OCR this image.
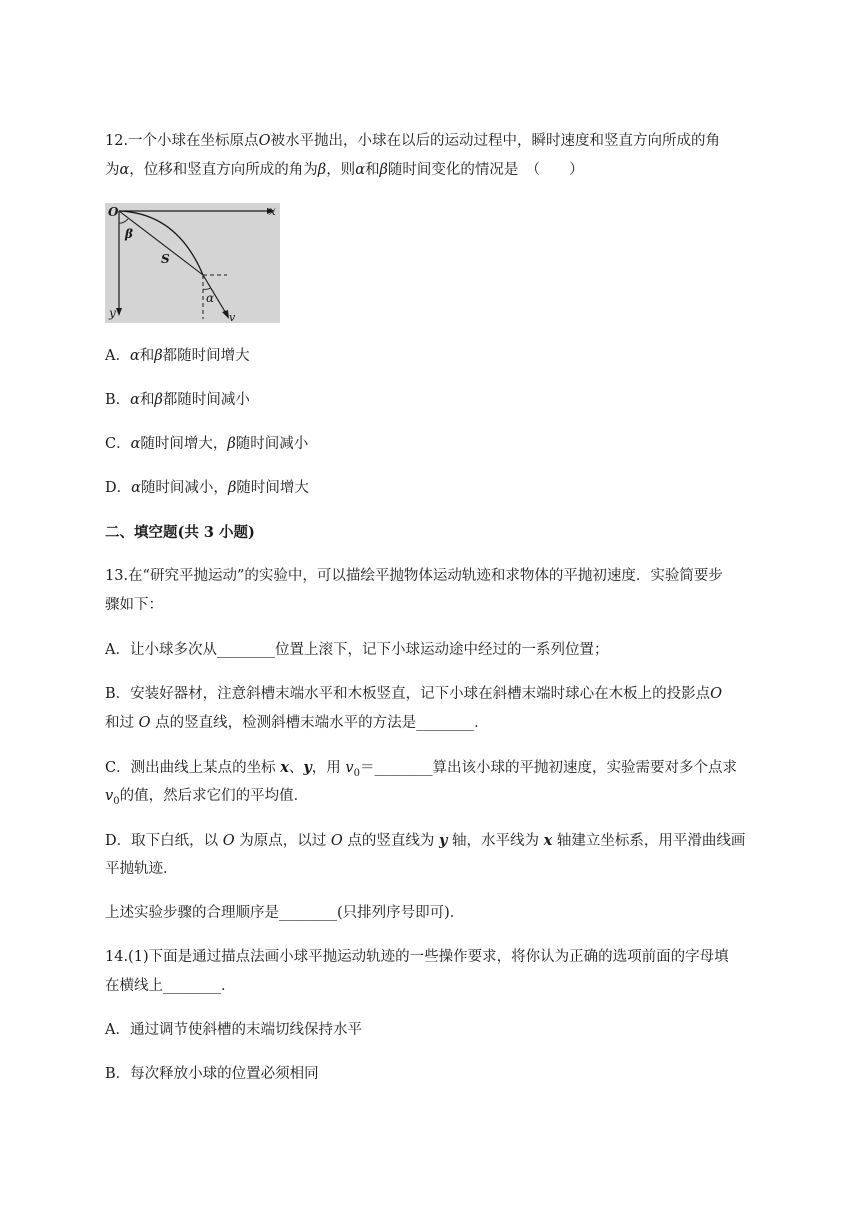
12.一个小球在坐标原点O被水平抛出，小球在以后的运动过程中，瞬时速度和竖直方向所成的角

为α，位移和竖直方向所成的角为β，则α和β随时间变化的情况是　（　　）

O	x
y
β
S
α
v

A．α和β都随时间增大

B．α和β都随时间减小

C．α随时间增大，β随时间减小

D．α随时间减小，β随时间增大

二、填空题(共 3 小题)

13.在“研究平抛运动”的实验中，可以描绘平抛物体运动轨迹和求物体的平抛初速度．实验简要步

骤如下：

A．让小球多次从________位置上滚下，记下小球运动途中经过的一系列位置；

B．安装好器材，注意斜槽末端水平和木板竖直，记下小球在斜槽末端时球心在木板上的投影点O

和过 O 点的竖直线，检测斜槽末端水平的方法是________．

C．测出曲线上某点的坐标 x、y，用 $v_0=\_\_\_\_\_\_\_\_$算出该小球的平抛初速度，实验需要对多个点求

$v_0$的值，然后求它们的平均值．

D．取下白纸，以 O 为原点，以过 O 点的竖直线为 y 轴，水平线为 x 轴建立坐标系，用平滑曲线画

平抛轨迹．

上述实验步骤的合理顺序是________(只排列序号即可)．

14.(1)下面是通过描点法画小球平抛运动轨迹的一些操作要求，将你认为正确的选项前面的字母填

在横线上________．

A．通过调节使斜槽的末端切线保持水平

B．每次释放小球的位置必须相同
